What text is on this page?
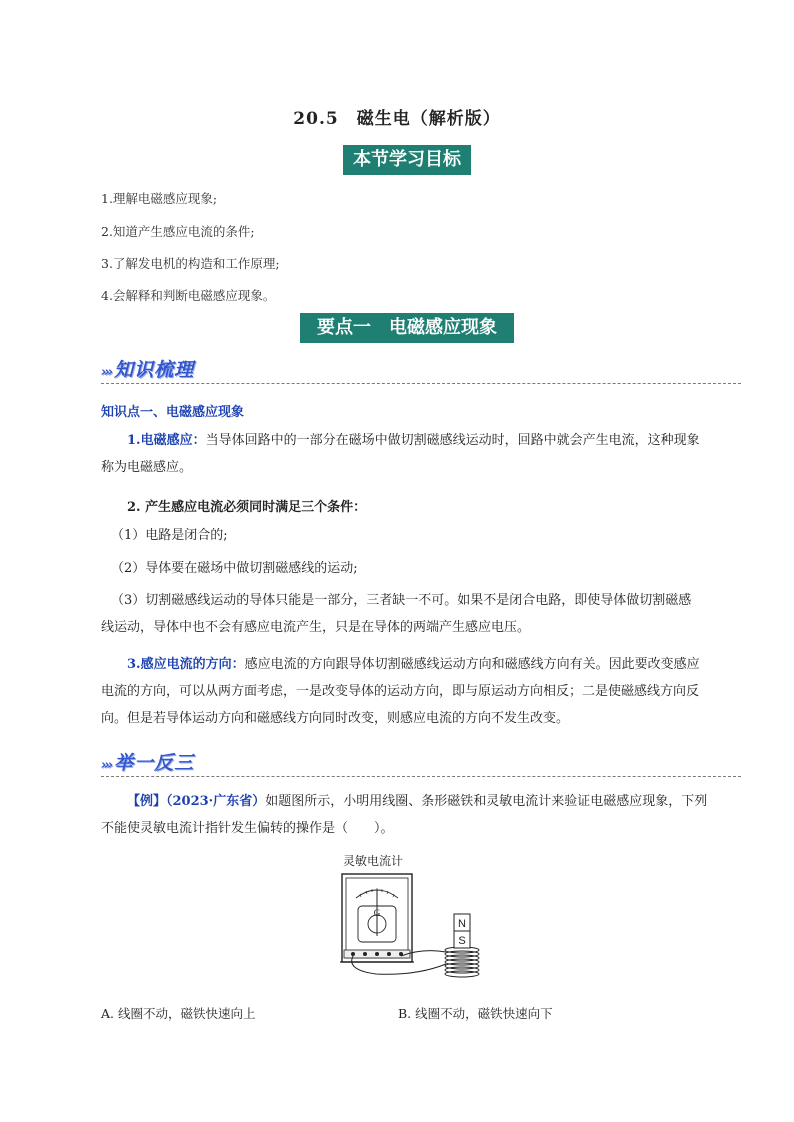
20.5　磁生电（解析版）
本节学习目标
1.理解电磁感应现象;
2.知道产生感应电流的条件;
3.了解发电机的构造和工作原理;
4.会解释和判断电磁感应现象。
要点一　电磁感应现象
››› 知识梳理
知识点一、电磁感应现象
1.电磁感应：当导体回路中的一部分在磁场中做切割磁感线运动时，回路中就会产生电流，这种现象
称为电磁感应。
2. 产生感应电流必须同时满足三个条件：
（1）电路是闭合的;
（2）导体要在磁场中做切割磁感线的运动;
（3）切割磁感线运动的导体只能是一部分，三者缺一不可。如果不是闭合电路，即使导体做切割磁感
线运动，导体中也不会有感应电流产生，只是在导体的两端产生感应电压。
3.感应电流的方向：感应电流的方向跟导体切割磁感线运动方向和磁感线方向有关。因此要改变感应
电流的方向，可以从两方面考虑，一是改变导体的运动方向，即与原运动方向相反；二是使磁感线方向反
向。但是若导体运动方向和磁感线方向同时改变，则感应电流的方向不发生改变。
››› 举一反三
【例】（2023·广东省）如题图所示，小明用线圈、条形磁铁和灵敏电流计来验证电磁感应现象，下列
不能使灵敏电流计指针发生偏转的操作是（　　）。
灵敏电流计
G
N
S
A. 线圈不动，磁铁快速向上	B. 线圈不动，磁铁快速向下
